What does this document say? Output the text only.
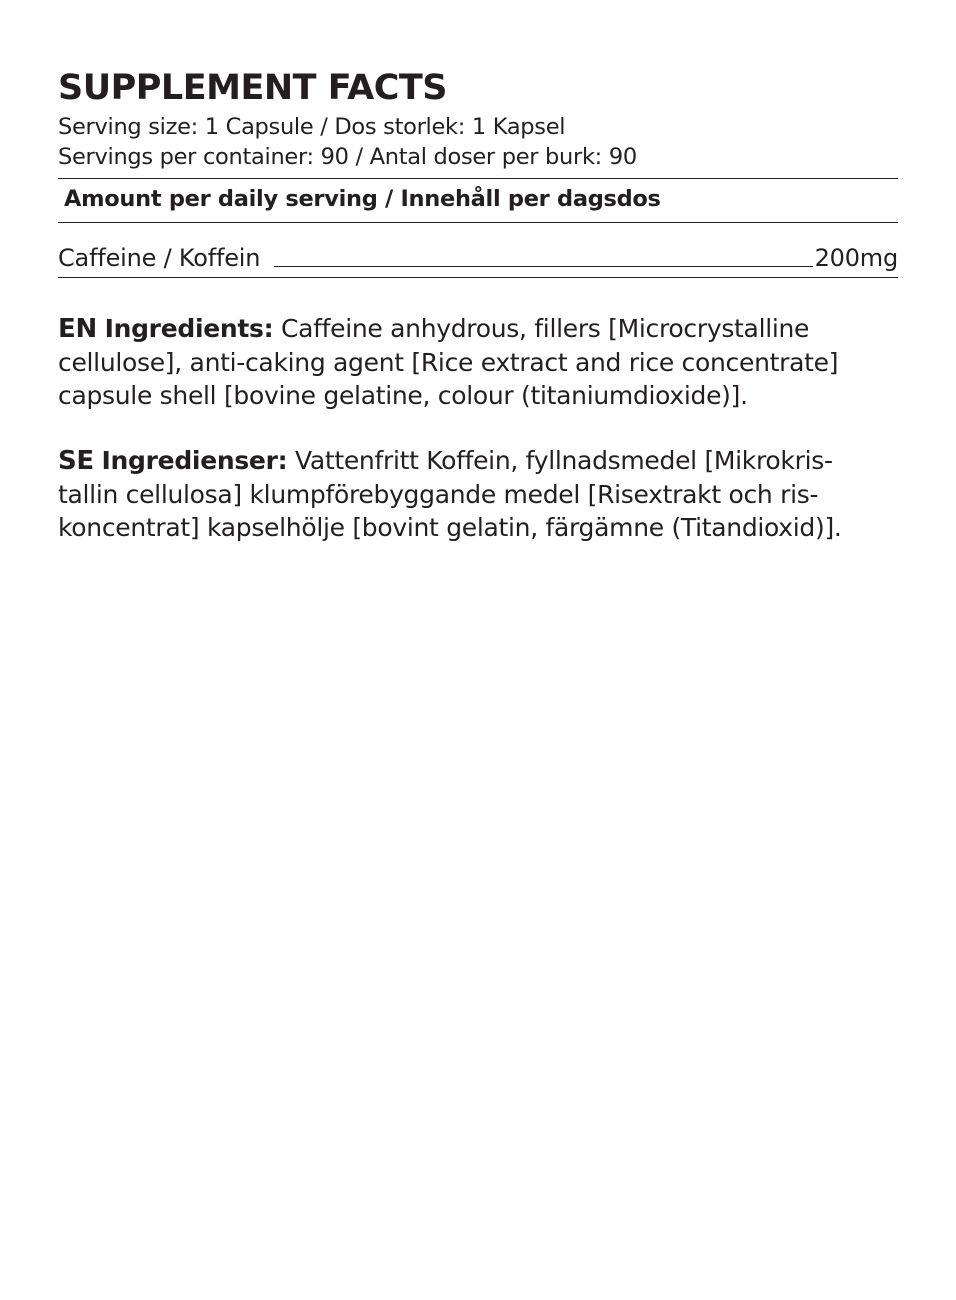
SUPPLEMENT FACTS
Serving size: 1 Capsule / Dos storlek: 1 Kapsel
Servings per container: 90 / Antal doser per burk: 90
Amount per daily serving / Innehåll per dagsdos
Caffeine / Koffein	200mg
EN Ingredients: Caffeine anhydrous, fillers [Microcrystalline
cellulose], anti-caking agent [Rice extract and rice concentrate]
capsule shell [bovine gelatine, colour (titaniumdioxide)].
SE Ingredienser: Vattenfritt Koffein, fyllnadsmedel [Mikrokris-
tallin cellulosa] klumpförebyggande medel [Risextrakt och ris-
koncentrat] kapselhölje [bovint gelatin, färgämne (Titandioxid)].
